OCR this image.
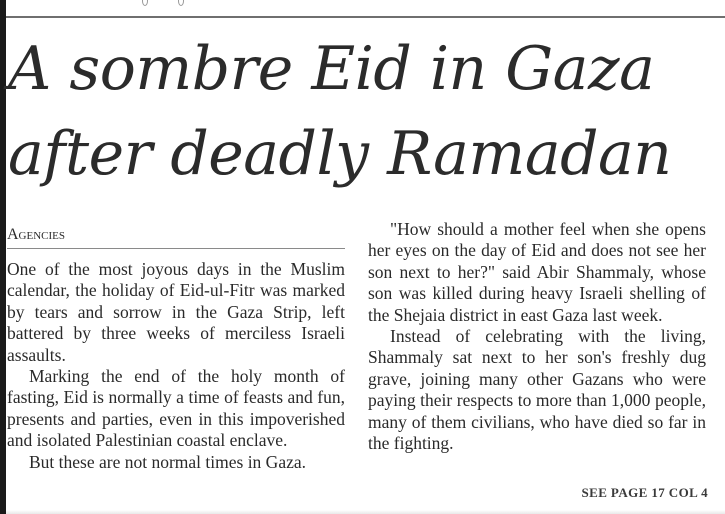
A sombre Eid in Gaza
after deadly Ramadan
Agencies

One of the most joyous days in the Muslim calendar, the holiday of Eid-ul-Fitr was marked by tears and sorrow in the Gaza Strip, left battered by three weeks of merciless Israeli assaults.

Marking the end of the holy month of fasting, Eid is normally a time of feasts and fun, presents and parties, even in this impoverished and isolated Palestinian coastal enclave.

But these are not normal times in Gaza.

"How should a mother feel when she opens her eyes on the day of Eid and does not see her son next to her?" said Abir Shammaly, whose son was killed during heavy Israeli shelling of the Shejaia district in east Gaza last week.

Instead of celebrating with the living, Shammaly sat next to her son's freshly dug grave, joining many other Gazans who were paying their respects to more than 1,000 people, many of them civilians, who have died so far in the fighting.

SEE PAGE 17 COL 4
